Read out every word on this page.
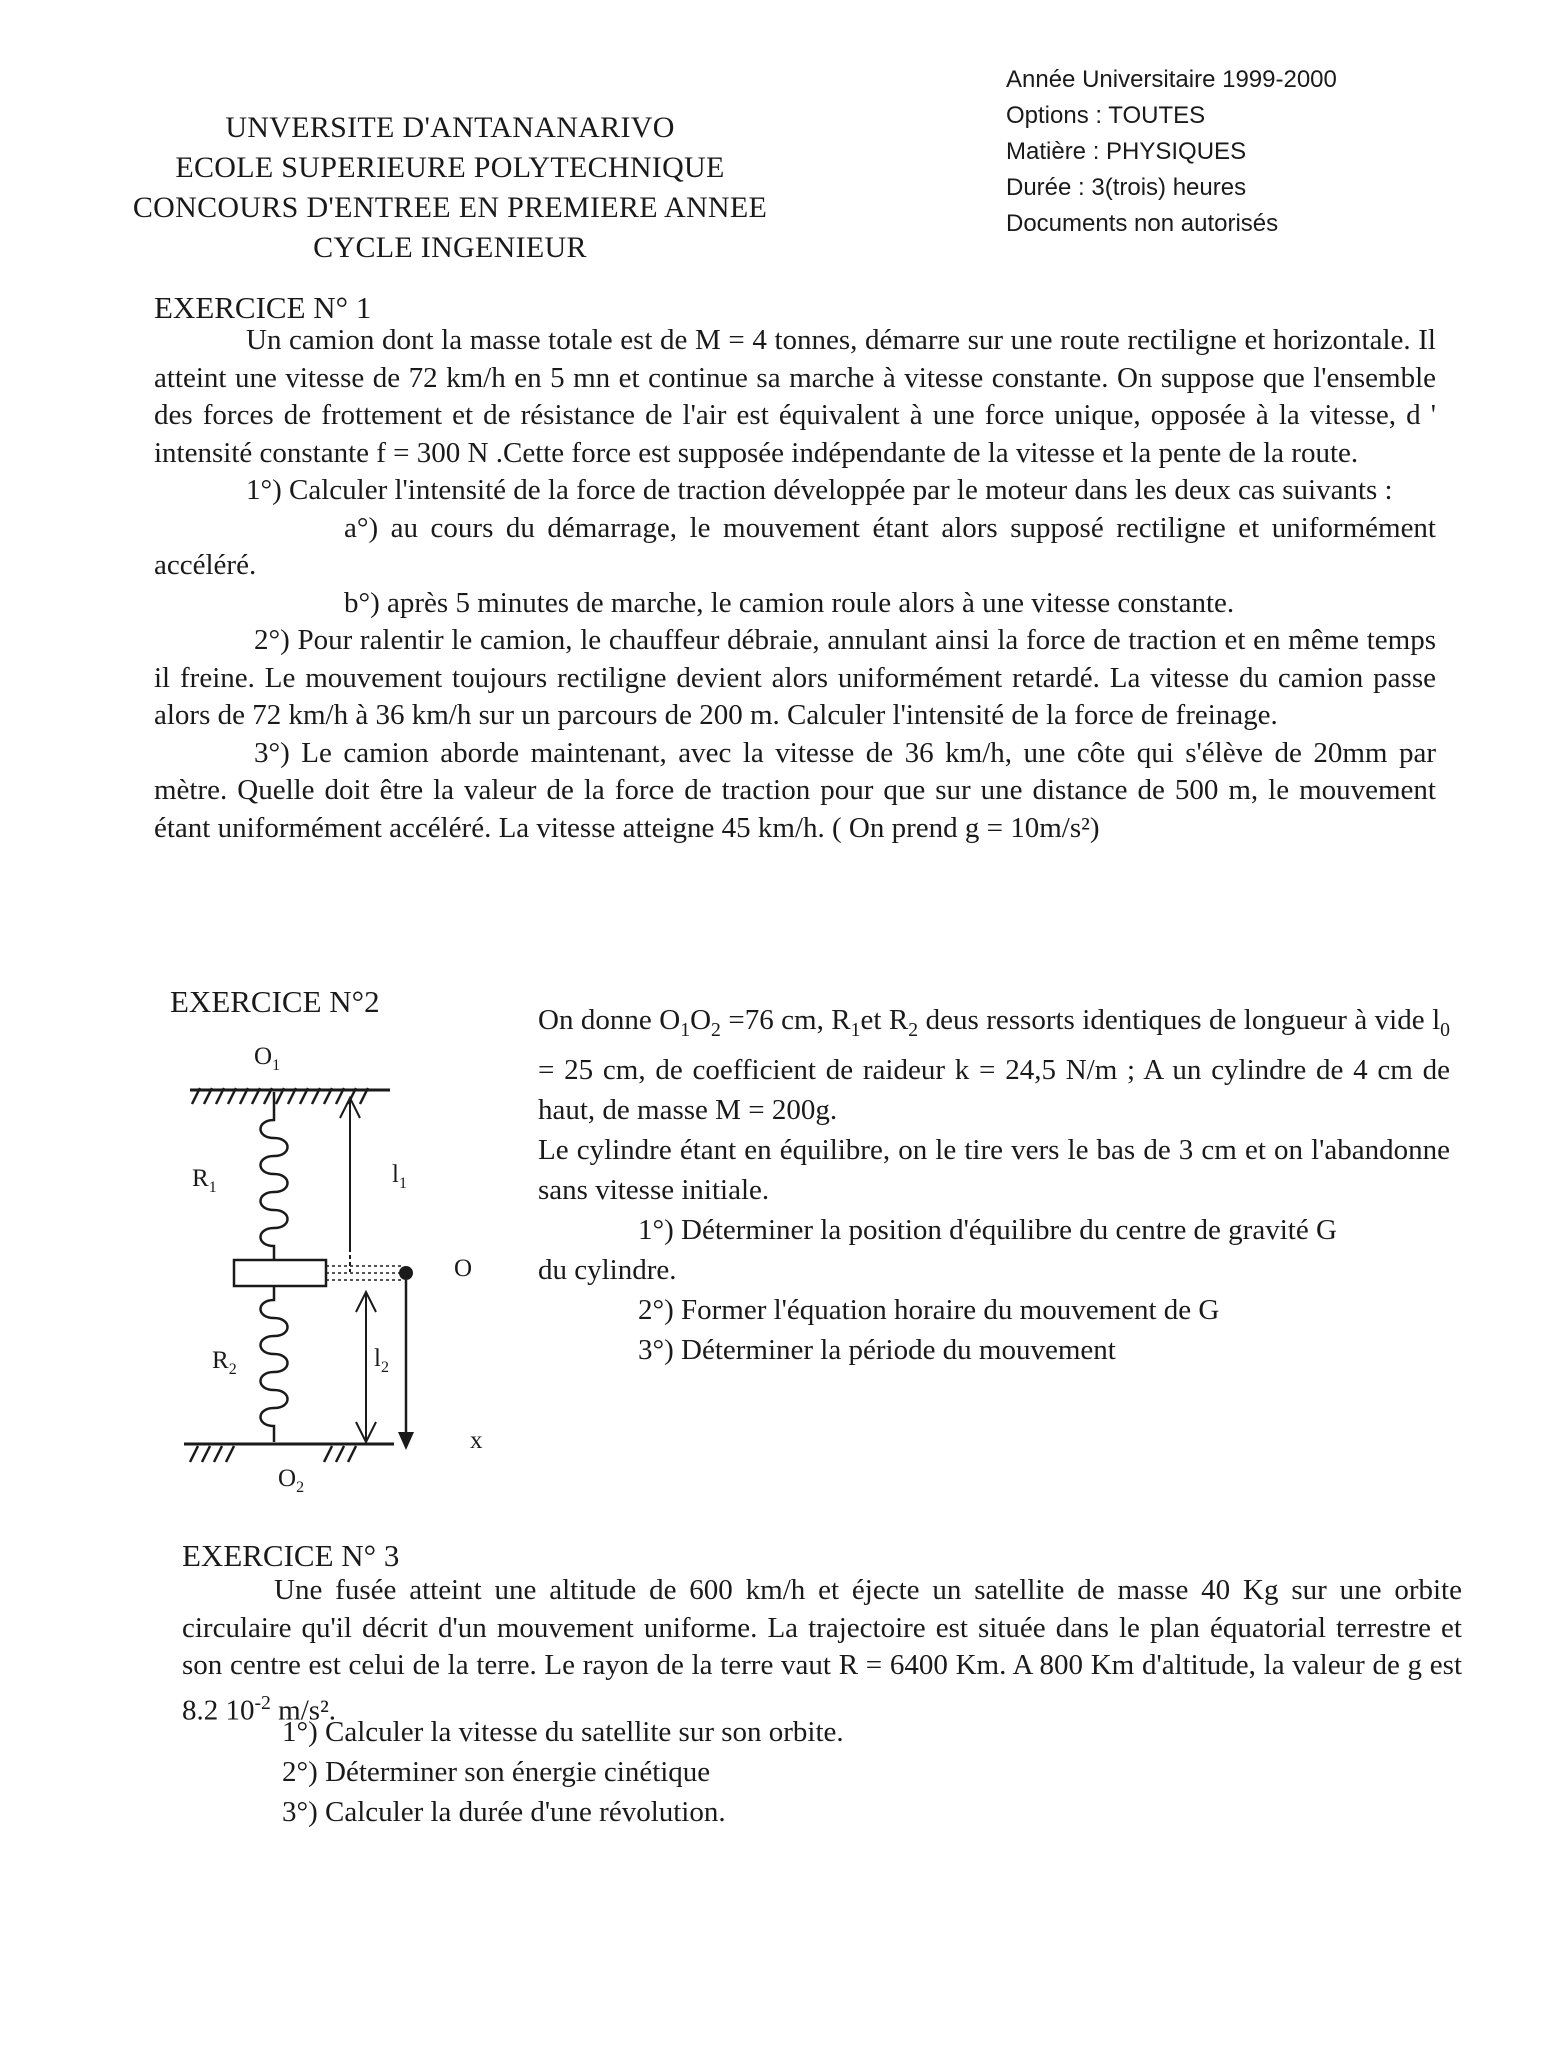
UNVERSITE D'ANTANANARIVO
ECOLE SUPERIEURE POLYTECHNIQUE
CONCOURS D'ENTREE EN PREMIERE ANNEE
CYCLE INGENIEUR
Année Universitaire 1999-2000
Options : TOUTES
Matière : PHYSIQUES
Durée : 3(trois) heures
Documents non autorisés
EXERCICE N° 1

Un camion dont la masse totale est de M = 4 tonnes, démarre sur une route rectiligne et horizontale. Il atteint une vitesse de 72 km/h en 5 mn et continue sa marche à vitesse constante. On suppose que l'ensemble des forces de frottement et de résistance de l'air est équivalent à une force unique, opposée à la vitesse, d ' intensité constante f = 300 N .Cette force est supposée indépendante de la vitesse et la pente de la route.

1°) Calculer l'intensité de la force de traction développée par le moteur dans les deux cas suivants :

a°) au cours du démarrage, le mouvement étant alors supposé rectiligne et uniformément accéléré.

b°) après 5 minutes de marche, le camion roule alors à une vitesse constante.

2°) Pour ralentir le camion, le chauffeur débraie, annulant ainsi la force de traction et en même temps il freine. Le mouvement toujours rectiligne devient alors uniformément retardé. La vitesse du camion passe alors de 72 km/h à 36 km/h sur un parcours de 200 m. Calculer l'intensité de la force de freinage.

3°) Le camion aborde maintenant, avec la vitesse de 36 km/h, une côte qui s'élève de 20mm par mètre. Quelle doit être la valeur de la force de traction pour que sur une distance de 500 m, le mouvement étant uniformément accéléré. La vitesse atteigne 45 km/h. ( On prend g = 10m/s²)

EXERCICE N°2
$O_1$
$R_1$	$l_1$
O
x
$R_2$	$l_2$
$O_2$

On donne $O_1O_2 =76$ cm, $R_1et$ $R_2$ deus ressorts identiques de longueur à vide $l_0 = 25$ cm, de coefficient de raideur k = 24,5 N/m ; A un cylindre de 4 cm de haut, de masse M = 200g.

Le cylindre étant en équilibre, on le tire vers le bas de 3 cm et on l'abandonne sans vitesse initiale.

1°) Déterminer la position d'équilibre du centre de gravité G

du cylindre.

2°) Former l'équation horaire du mouvement de G

3°) Déterminer la période du mouvement

EXERCICE N° 3

Une fusée atteint une altitude de 600 km/h et éjecte un satellite de masse 40 Kg sur une orbite circulaire qu'il décrit d'un mouvement uniforme. La trajectoire est située dans le plan équatorial terrestre et son centre est celui de la terre. Le rayon de la terre vaut R = 6400 Km. A 800 Km d'altitude, la valeur de g est 8.2 $10^{-2}$ m/s².

1°) Calculer la vitesse du satellite sur son orbite.
2°) Déterminer son énergie cinétique
3°) Calculer la durée d'une révolution.
